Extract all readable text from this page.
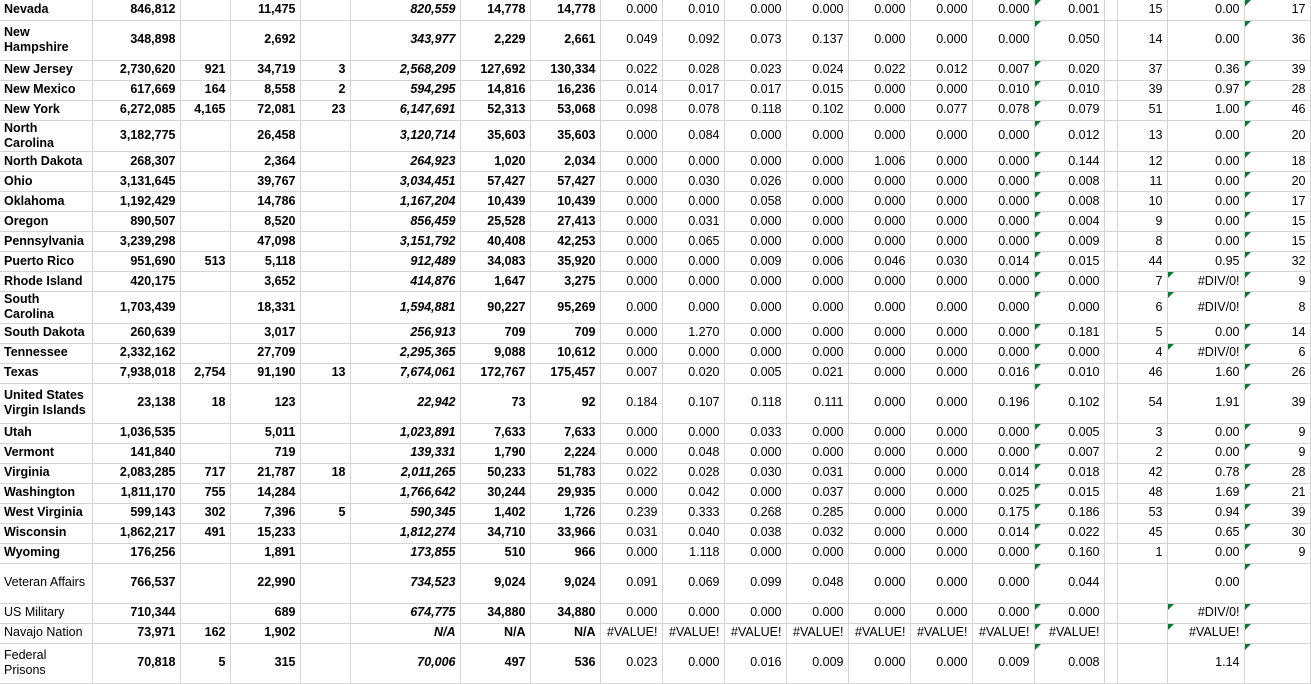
Nevada	846,812		11,475		820,559	14,778	14,778	0.000	0.010	0.000	0.000	0.000	0.000	0.000	0.001		15	0.00	17
New Hampshire	348,898		2,692		343,977	2,229	2,661	0.049	0.092	0.073	0.137	0.000	0.000	0.000	0.050		14	0.00	36
New Jersey	2,730,620	921	34,719	3	2,568,209	127,692	130,334	0.022	0.028	0.023	0.024	0.022	0.012	0.007	0.020		37	0.36	39
New Mexico	617,669	164	8,558	2	594,295	14,816	16,236	0.014	0.017	0.017	0.015	0.000	0.000	0.010	0.010		39	0.97	28
New York	6,272,085	4,165	72,081	23	6,147,691	52,313	53,068	0.098	0.078	0.118	0.102	0.000	0.077	0.078	0.079		51	1.00	46
North Carolina	3,182,775		26,458		3,120,714	35,603	35,603	0.000	0.084	0.000	0.000	0.000	0.000	0.000	0.012		13	0.00	20
North Dakota	268,307		2,364		264,923	1,020	2,034	0.000	0.000	0.000	0.000	1.006	0.000	0.000	0.144		12	0.00	18
Ohio	3,131,645		39,767		3,034,451	57,427	57,427	0.000	0.030	0.026	0.000	0.000	0.000	0.000	0.008		11	0.00	20
Oklahoma	1,192,429		14,786		1,167,204	10,439	10,439	0.000	0.000	0.058	0.000	0.000	0.000	0.000	0.008		10	0.00	17
Oregon	890,507		8,520		856,459	25,528	27,413	0.000	0.031	0.000	0.000	0.000	0.000	0.000	0.004		9	0.00	15
Pennsylvania	3,239,298		47,098		3,151,792	40,408	42,253	0.000	0.065	0.000	0.000	0.000	0.000	0.000	0.009		8	0.00	15
Puerto Rico	951,690	513	5,118		912,489	34,083	35,920	0.000	0.000	0.009	0.006	0.046	0.030	0.014	0.015		44	0.95	32
Rhode Island	420,175		3,652		414,876	1,647	3,275	0.000	0.000	0.000	0.000	0.000	0.000	0.000	0.000		7	#DIV/0!	9
South Carolina	1,703,439		18,331		1,594,881	90,227	95,269	0.000	0.000	0.000	0.000	0.000	0.000	0.000	0.000		6	#DIV/0!	8
South Dakota	260,639		3,017		256,913	709	709	0.000	1.270	0.000	0.000	0.000	0.000	0.000	0.181		5	0.00	14
Tennessee	2,332,162		27,709		2,295,365	9,088	10,612	0.000	0.000	0.000	0.000	0.000	0.000	0.000	0.000		4	#DIV/0!	6
Texas	7,938,018	2,754	91,190	13	7,674,061	172,767	175,457	0.007	0.020	0.005	0.021	0.000	0.000	0.016	0.010		46	1.60	26
United States Virgin Islands	23,138	18	123		22,942	73	92	0.184	0.107	0.118	0.111	0.000	0.000	0.196	0.102		54	1.91	39
Utah	1,036,535		5,011		1,023,891	7,633	7,633	0.000	0.000	0.033	0.000	0.000	0.000	0.000	0.005		3	0.00	9
Vermont	141,840		719		139,331	1,790	2,224	0.000	0.048	0.000	0.000	0.000	0.000	0.000	0.007		2	0.00	9
Virginia	2,083,285	717	21,787	18	2,011,265	50,233	51,783	0.022	0.028	0.030	0.031	0.000	0.000	0.014	0.018		42	0.78	28
Washington	1,811,170	755	14,284		1,766,642	30,244	29,935	0.000	0.042	0.000	0.037	0.000	0.000	0.025	0.015		48	1.69	21
West Virginia	599,143	302	7,396	5	590,345	1,402	1,726	0.239	0.333	0.268	0.285	0.000	0.000	0.175	0.186		53	0.94	39
Wisconsin	1,862,217	491	15,233		1,812,274	34,710	33,966	0.031	0.040	0.038	0.032	0.000	0.000	0.014	0.022		45	0.65	30
Wyoming	176,256		1,891		173,855	510	966	0.000	1.118	0.000	0.000	0.000	0.000	0.000	0.160		1	0.00	9
Veteran Affairs	766,537		22,990		734,523	9,024	9,024	0.091	0.069	0.099	0.048	0.000	0.000	0.000	0.044			0.00	
US Military	710,344		689		674,775	34,880	34,880	0.000	0.000	0.000	0.000	0.000	0.000	0.000	0.000			#DIV/0!	
Navajo Nation	73,971	162	1,902		N/A	N/A	N/A	#VALUE!	#VALUE!	#VALUE!	#VALUE!	#VALUE!	#VALUE!	#VALUE!	#VALUE!			#VALUE!	
Federal Prisons	70,818	5	315		70,006	497	536	0.023	0.000	0.016	0.009	0.000	0.000	0.009	0.008			1.14	
